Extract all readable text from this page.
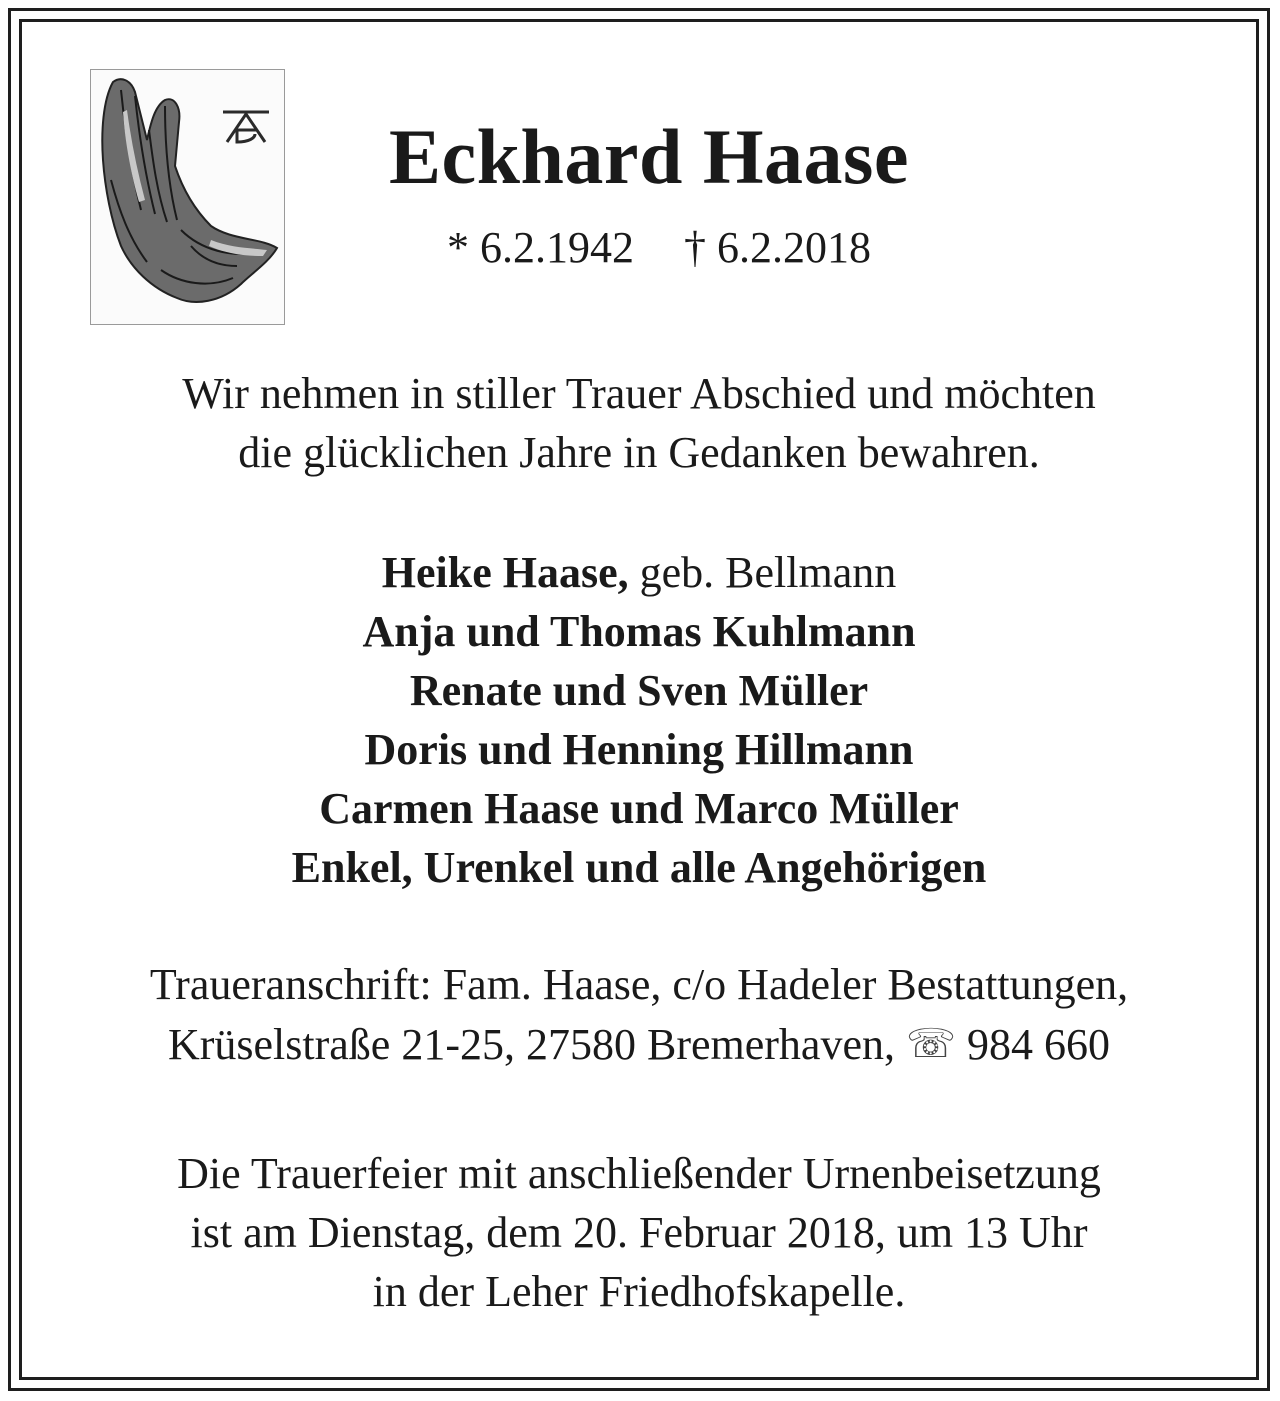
Eckhard Haase
* 6.2.1942 † 6.2.2018
Wir nehmen in stiller Trauer Abschied und möchten
die glücklichen Jahre in Gedanken bewahren.
Heike Haase, geb. Bellmann
Anja und Thomas Kuhlmann
Renate und Sven Müller
Doris und Henning Hillmann
Carmen Haase und Marco Müller
Enkel, Urenkel und alle Angehörigen
Traueranschrift: Fam. Haase, c/o Hadeler Bestattungen,
Krüselstraße 21-25, 27580 Bremerhaven, ☏ 984 660
Die Trauerfeier mit anschließender Urnenbeisetzung
ist am Dienstag, dem 20. Februar 2018, um 13 Uhr
in der Leher Friedhofskapelle.
